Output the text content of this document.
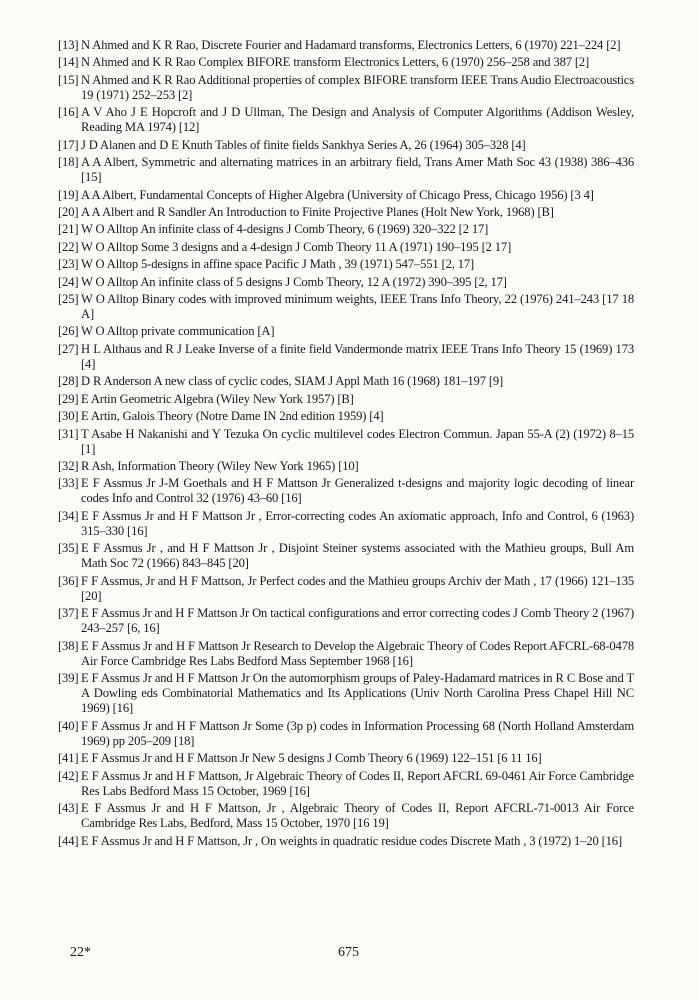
[13] N Ahmed and K R Rao, Discrete Fourier and Hadamard transforms, Electronics Letters, 6 (1970) 221–224 [2]
[14] N Ahmed and K R Rao Complex BIFORE transform Electronics Letters, 6 (1970) 256–258 and 387 [2]
[15] N Ahmed and K R Rao Additional properties of complex BIFORE transform IEEE Trans Audio Electroacoustics 19 (1971) 252–253 [2]
[16] A V Aho J E Hopcroft and J D Ullman, The Design and Analysis of Computer Algorithms (Addison Wesley, Reading MA 1974) [12]
[17] J D Alanen and D E Knuth Tables of finite fields Sankhya Series A, 26 (1964) 305–328 [4]
[18] A A Albert, Symmetric and alternating matrices in an arbitrary field, Trans Amer Math Soc 43 (1938) 386–436 [15]
[19] A A Albert, Fundamental Concepts of Higher Algebra (University of Chicago Press, Chicago 1956) [3 4]
[20] A A Albert and R Sandler An Introduction to Finite Projective Planes (Holt New York, 1968) [B]
[21] W O Alltop An infinite class of 4-designs J Comb Theory, 6 (1969) 320–322 [2 17]
[22] W O Alltop Some 3 designs and a 4-design J Comb Theory 11 A (1971) 190–195 [2 17]
[23] W O Alltop 5-designs in affine space Pacific J Math , 39 (1971) 547–551 [2, 17]
[24] W O Alltop An infinite class of 5 designs J Comb Theory, 12 A (1972) 390–395 [2, 17]
[25] W O Alltop Binary codes with improved minimum weights, IEEE Trans Info Theory, 22 (1976) 241–243 [17 18 A]
[26] W O Alltop private communication [A]
[27] H L Althaus and R J Leake Inverse of a finite field Vandermonde matrix IEEE Trans Info Theory 15 (1969) 173 [4]
[28] D R Anderson A new class of cyclic codes, SIAM J Appl Math 16 (1968) 181–197 [9]
[29] E Artin Geometric Algebra (Wiley New York 1957) [B]
[30] E Artin, Galois Theory (Notre Dame IN 2nd edition 1959) [4]
[31] T Asabe H Nakanishi and Y Tezuka On cyclic multilevel codes Electron Commun. Japan 55-A (2) (1972) 8–15 [1]
[32] R Ash, Information Theory (Wiley New York 1965) [10]
[33] E F Assmus Jr J-M Goethals and H F Mattson Jr Generalized t-designs and majority logic decoding of linear codes Info and Control 32 (1976) 43–60 [16]
[34] E F Assmus Jr and H F Mattson Jr , Error-correcting codes An axiomatic approach, Info and Control, 6 (1963) 315–330 [16]
[35] E F Assmus Jr , and H F Mattson Jr , Disjoint Steiner systems associated with the Mathieu groups, Bull Am Math Soc 72 (1966) 843–845 [20]
[36] F F Assmus, Jr and H F Mattson, Jr Perfect codes and the Mathieu groups Archiv der Math , 17 (1966) 121–135 [20]
[37] E F Assmus Jr and H F Mattson Jr On tactical configurations and error correcting codes J Comb Theory 2 (1967) 243–257 [6, 16]
[38] E F Assmus Jr and H F Mattson Jr Research to Develop the Algebraic Theory of Codes Report AFCRL-68-0478 Air Force Cambridge Res Labs Bedford Mass September 1968 [16]
[39] E F Assmus Jr and H F Mattson Jr On the automorphism groups of Paley-Hadamard matrices in R C Bose and T A Dowling eds Combinatorial Mathematics and Its Applications (Univ North Carolina Press Chapel Hill NC 1969) [16]
[40] F F Assmus Jr and H F Mattson Jr Some (3p p) codes in Information Processing 68 (North Holland Amsterdam 1969) pp 205–209 [18]
[41] E F Assmus Jr and H F Mattson Jr New 5 designs J Comb Theory 6 (1969) 122–151 [6 11 16]
[42] E F Assmus Jr and H F Mattson, Jr Algebraic Theory of Codes II, Report AFCRL 69-0461 Air Force Cambridge Res Labs Bedford Mass 15 October, 1969 [16]
[43] E F Assmus Jr and H F Mattson, Jr , Algebraic Theory of Codes II, Report AFCRL-71-0013 Air Force Cambridge Res Labs, Bedford, Mass 15 October, 1970 [16 19]
[44] E F Assmus Jr and H F Mattson, Jr , On weights in quadratic residue codes Discrete Math , 3 (1972) 1–20 [16]
22*	675
